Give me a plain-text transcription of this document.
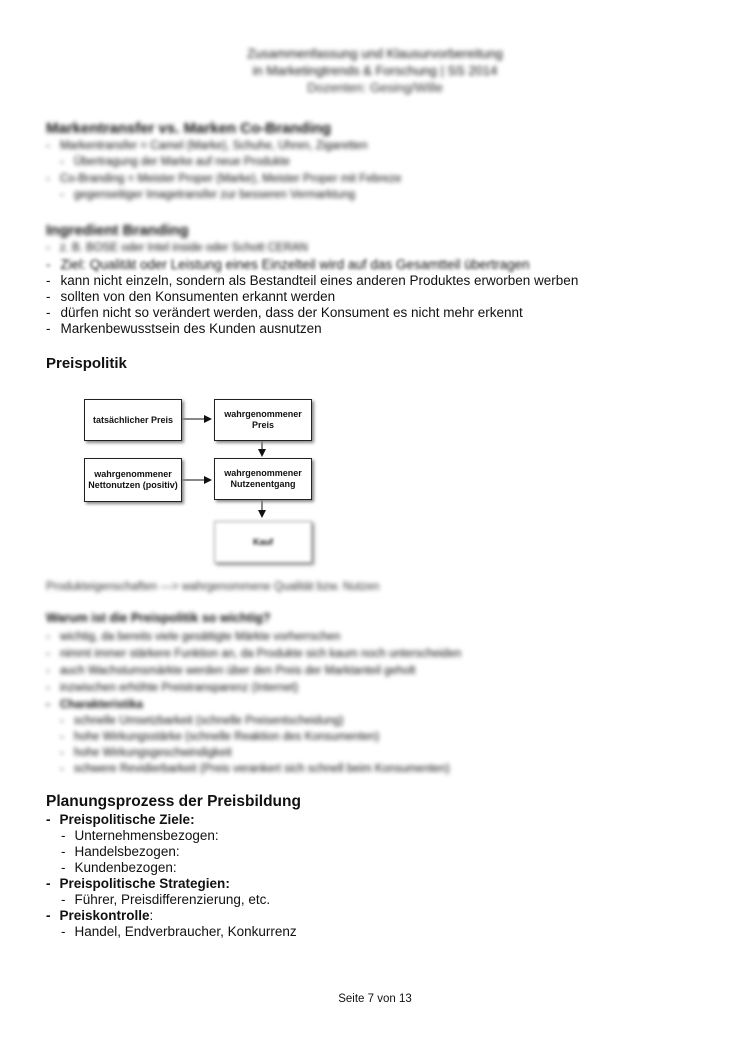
Zusammenfassung und Klausurvorbereitung
in Marketingtrends & Forschung | SS 2014
Dozenten: Gesing/Wille
Markentransfer vs. Marken Co-Branding
- Markentransfer = Camel (Marke), Schuhe, Uhren, Zigaretten
- Übertragung der Marke auf neue Produkte
- Co-Branding = Meister Proper (Marke), Meister Proper mit Febreze
- gegenseitiger Imagetransfer zur besseren Vermarktung
Ingredient Branding
- z. B. BOSE oder Intel inside oder Schott CERAN
- Ziel: Qualität oder Leistung eines Einzelteil wird auf das Gesamtteil übertragen
- kann nicht einzeln, sondern als Bestandteil eines anderen Produktes erworben werben
- sollten von den Konsumenten erkannt werden
- dürfen nicht so verändert werden, dass der Konsument es nicht mehr erkennt
- Markenbewusstsein des Kunden ausnutzen
Preispolitik
tatsächlicher Preis
wahrgenommener Preis
wahrgenommener Nettonutzen (positiv)
wahrgenommener Nutzenentgang
Kauf
Produkteigenschaften ---> wahrgenommene Qualität bzw. Nutzen
Warum ist die Preispolitik so wichtig?
- wichtig, da bereits viele gesättigte Märkte vorherrschen
- nimmt immer stärkere Funktion an, da Produkte sich kaum noch unterscheiden
- auch Wachstumsmärkte werden über den Preis der Marktanteil geholt
- inzwischen erhöhte Preistransparenz (Internet)
- Charakteristika
- schnelle Umsetzbarkeit (schnelle Preisentscheidung)
- hohe Wirkungsstärke (schnelle Reaktion des Konsumenten)
- hohe Wirkungsgeschwindigkeit
- schwere Revidierbarkeit (Preis verankert sich schnell beim Konsumenten)
Planungsprozess der Preisbildung
- Preispolitische Ziele:
- Unternehmensbezogen:
- Handelsbezogen:
- Kundenbezogen:
- Preispolitische Strategien:
- Führer, Preisdifferenzierung, etc.
- Preiskontrolle:
- Handel, Endverbraucher, Konkurrenz
Seite 7 von 13
